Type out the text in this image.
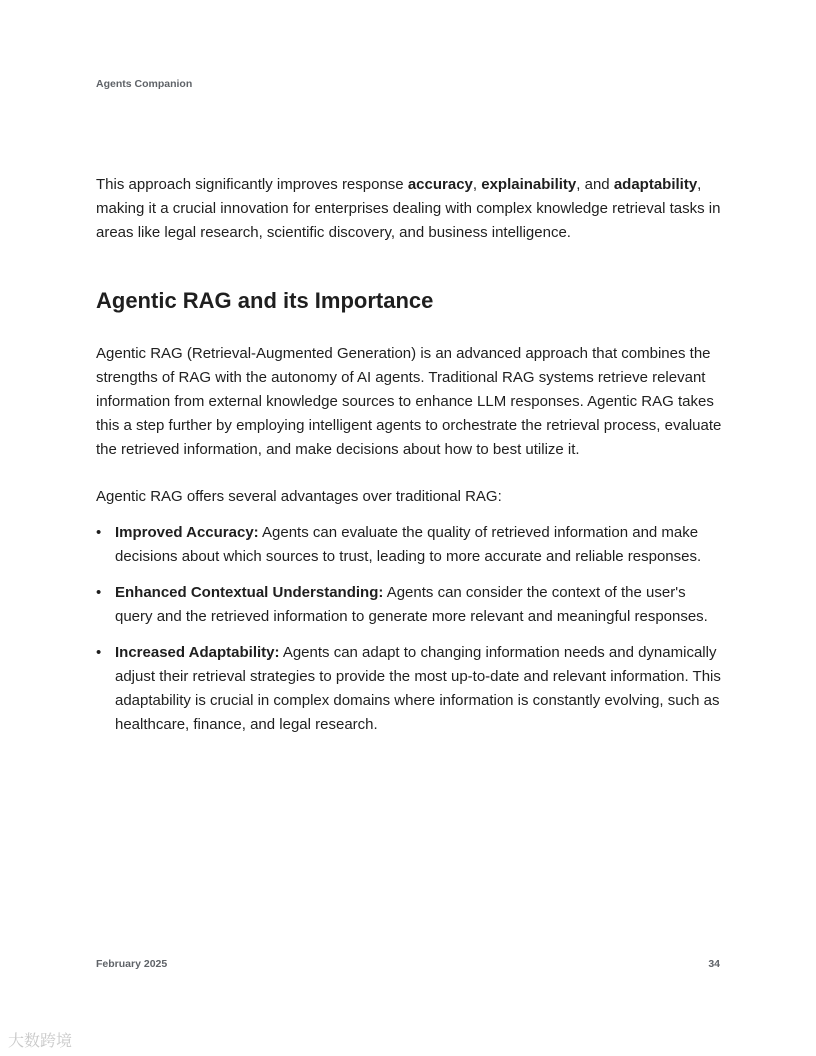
Agents Companion
This approach significantly improves response accuracy, explainability, and adaptability, making it a crucial innovation for enterprises dealing with complex knowledge retrieval tasks in areas like legal research, scientific discovery, and business intelligence.
Agentic RAG and its Importance
Agentic RAG (Retrieval-Augmented Generation) is an advanced approach that combines the strengths of RAG with the autonomy of AI agents. Traditional RAG systems retrieve relevant information from external knowledge sources to enhance LLM responses. Agentic RAG takes this a step further by employing intelligent agents to orchestrate the retrieval process, evaluate the retrieved information, and make decisions about how to best utilize it.
Agentic RAG offers several advantages over traditional RAG:
• Improved Accuracy: Agents can evaluate the quality of retrieved information and make decisions about which sources to trust, leading to more accurate and reliable responses.
• Enhanced Contextual Understanding: Agents can consider the context of the user's query and the retrieved information to generate more relevant and meaningful responses.
• Increased Adaptability: Agents can adapt to changing information needs and dynamically adjust their retrieval strategies to provide the most up-to-date and relevant information. This adaptability is crucial in complex domains where information is constantly evolving, such as healthcare, finance, and legal research.
February 2025	34
大数跨境
